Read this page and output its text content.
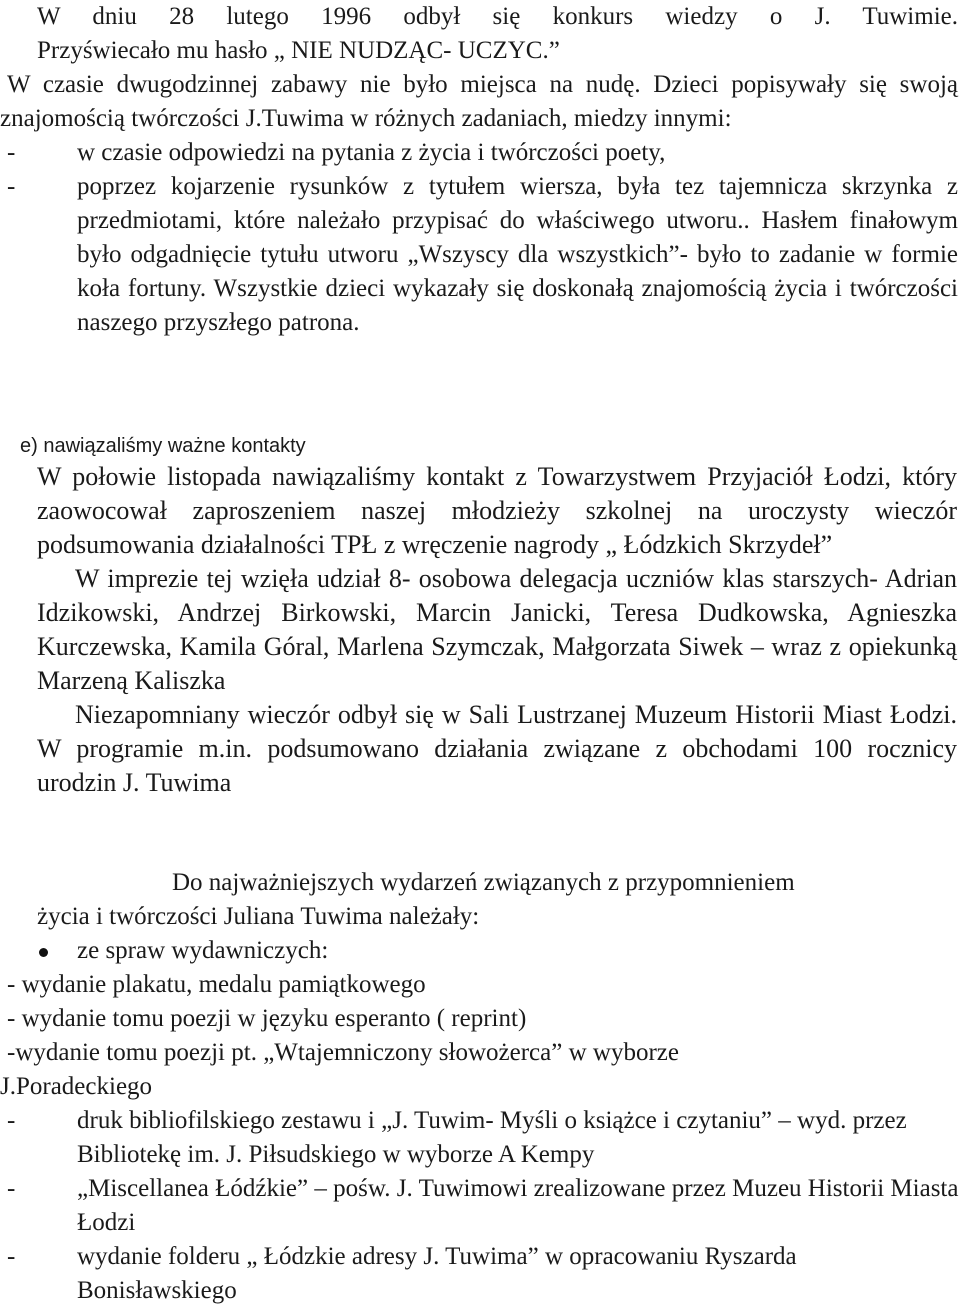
W dniu 28 lutego 1996 odbył się konkurs wiedzy o J. Tuwimie.

Przyświecało mu hasło „ NIE NUDZĄC- UCZYC.”

W czasie dwugodzinnej zabawy nie było miejsca na nudę. Dzieci popisywały się swoją znajomością twórczości J.Tuwima w różnych zadaniach, miedzy innymi:

- w czasie odpowiedzi na pytania z życia i twórczości poety,
- poprzez kojarzenie rysunków z tytułem wiersza, była tez tajemnicza skrzynka z przedmiotami, które należało przypisać do właściwego utworu.. Hasłem finałowym było odgadnięcie tytułu utworu „Wszyscy dla wszystkich”- było to zadanie w formie koła fortuny. Wszystkie dzieci wykazały się doskonałą znajomością życia i twórczości naszego przyszłego patrona.
e) nawiązaliśmy ważne kontakty

W połowie listopada nawiązaliśmy kontakt z Towarzystwem Przyjaciół Łodzi, który zaowocował zaproszeniem naszej młodzieży szkolnej na uroczysty wieczór podsumowania działalności TPŁ z wręczenie nagrody „ Łódzkich Skrzydeł”

W imprezie tej wzięła udział 8- osobowa delegacja uczniów klas starszych- Adrian Idzikowski, Andrzej Birkowski, Marcin Janicki, Teresa Dudkowska, Agnieszka Kurczewska, Kamila Góral, Marlena Szymczak, Małgorzata Siwek – wraz z opiekunką Marzeną Kaliszka

Niezapomniany wieczór odbył się w Sali Lustrzanej Muzeum Historii Miast Łodzi. W programie m.in. podsumowano działania związane z obchodami 100 rocznicy urodzin J. Tuwima

Do najważniejszych wydarzeń związanych z przypomnieniem

życia i twórczości Juliana Tuwima należały:

ze spraw wydawniczych:

- wydanie plakatu, medalu pamiątkowego

- wydanie tomu poezji w języku esperanto ( reprint)

-wydanie tomu poezji pt. „Wtajemniczony słowożerca” w wyborze

J.Poradeckiego

- druk bibliofilskiego zestawu i „J. Tuwim- Myśli o książce i czytaniu” – wyd. przez Bibliotekę im. J. Piłsudskiego w wyborze A Kempy
- „Miscellanea Łódźkie” – pośw. J. Tuwimowi zrealizowane przez Muzeu Historii Miasta Łodzi
- wydanie folderu „ Łódzkie adresy J. Tuwima” w opracowaniu Ryszarda Bonisławskiego
